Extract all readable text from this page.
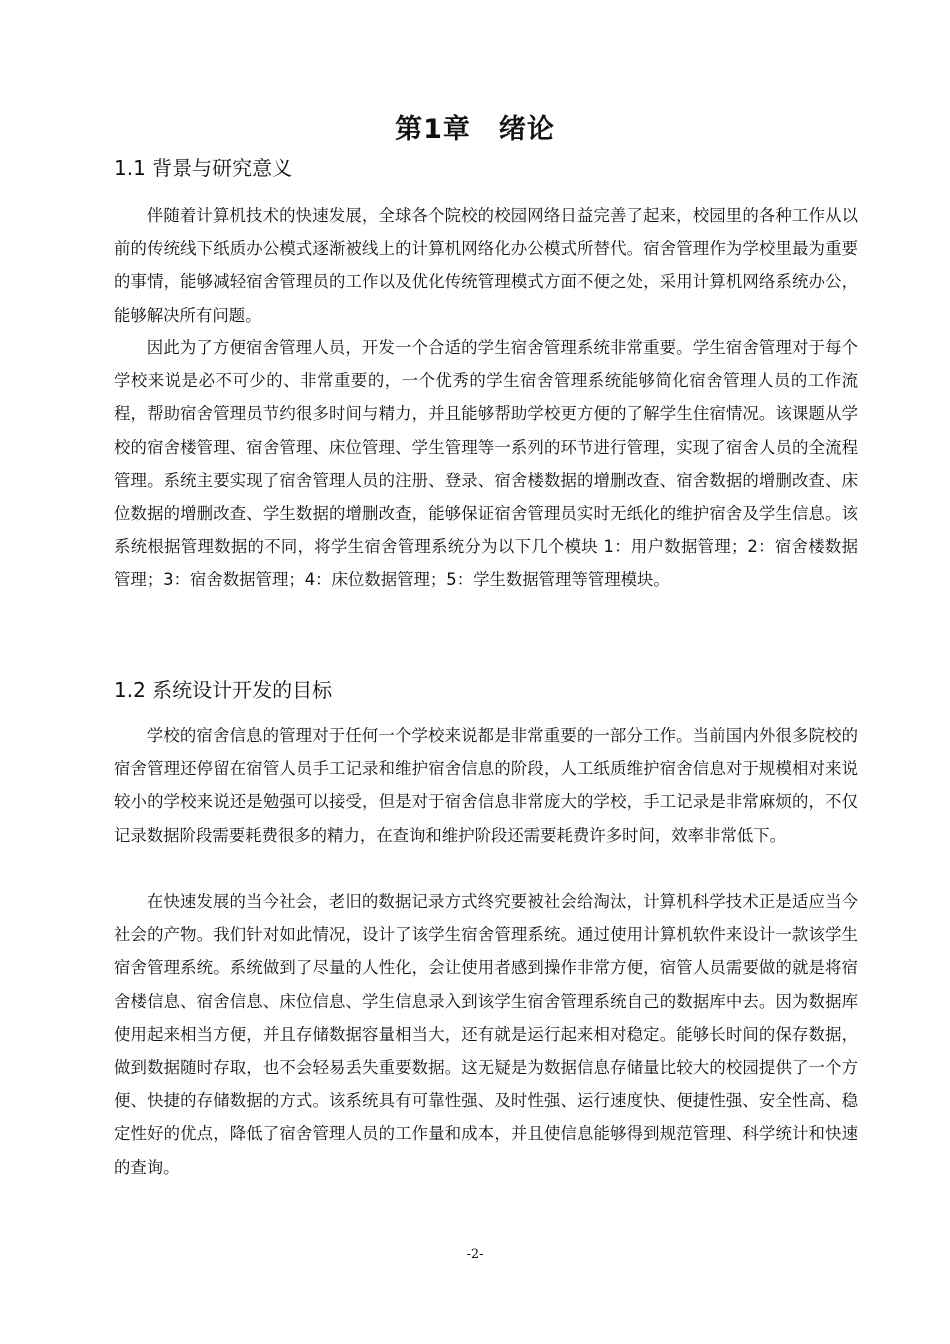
第1章　绪论
1.1 背景与研究意义

伴随着计算机技术的快速发展，全球各个院校的校园网络日益完善了起来，校园里的各种工作从以前的传统线下纸质办公模式逐渐被线上的计算机网络化办公模式所替代。宿舍管理作为学校里最为重要的事情，能够减轻宿舍管理员的工作以及优化传统管理模式方面不便之处，采用计算机网络系统办公，能够解决所有问题。

因此为了方便宿舍管理人员，开发一个合适的学生宿舍管理系统非常重要。学生宿舍管理对于每个学校来说是必不可少的、非常重要的，一个优秀的学生宿舍管理系统能够简化宿舍管理人员的工作流程，帮助宿舍管理员节约很多时间与精力，并且能够帮助学校更方便的了解学生住宿情况。该课题从学校的宿舍楼管理、宿舍管理、床位管理、学生管理等一系列的环节进行管理，实现了宿舍人员的全流程管理。系统主要实现了宿舍管理人员的注册、登录、宿舍楼数据的增删改查、宿舍数据的增删改查、床位数据的增删改查、学生数据的增删改查，能够保证宿舍管理员实时无纸化的维护宿舍及学生信息。该系统根据管理数据的不同，将学生宿舍管理系统分为以下几个模块 1：用户数据管理；2：宿舍楼数据管理；3：宿舍数据管理；4：床位数据管理；5：学生数据管理等管理模块。

1.2 系统设计开发的目标

学校的宿舍信息的管理对于任何一个学校来说都是非常重要的一部分工作。当前国内外很多院校的宿舍管理还停留在宿管人员手工记录和维护宿舍信息的阶段，人工纸质维护宿舍信息对于规模相对来说较小的学校来说还是勉强可以接受，但是对于宿舍信息非常庞大的学校，手工记录是非常麻烦的，不仅记录数据阶段需要耗费很多的精力，在查询和维护阶段还需要耗费许多时间，效率非常低下。

在快速发展的当今社会，老旧的数据记录方式终究要被社会给淘汰，计算机科学技术正是适应当今社会的产物。我们针对如此情况，设计了该学生宿舍管理系统。通过使用计算机软件来设计一款该学生宿舍管理系统。系统做到了尽量的人性化，会让使用者感到操作非常方便，宿管人员需要做的就是将宿舍楼信息、宿舍信息、床位信息、学生信息录入到该学生宿舍管理系统自己的数据库中去。因为数据库使用起来相当方便，并且存储数据容量相当大，还有就是运行起来相对稳定。能够长时间的保存数据，做到数据随时存取，也不会轻易丢失重要数据。这无疑是为数据信息存储量比较大的校园提供了一个方便、快捷的存储数据的方式。该系统具有可靠性强、及时性强、运行速度快、便捷性强、安全性高、稳定性好的优点，降低了宿舍管理人员的工作量和成本，并且使信息能够得到规范管理、科学统计和快速的查询。

-2-
